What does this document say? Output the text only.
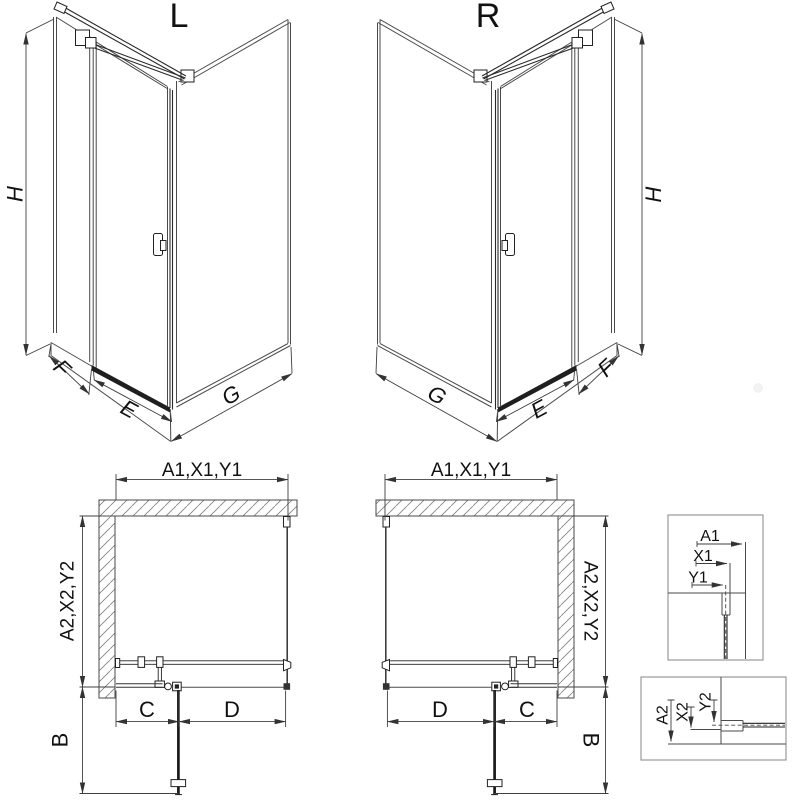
L	R
H	H
F
E	G	G	E
F
A1,X1,Y1	A1,X1,Y1
A2,X2,Y2	A2,X2,Y2
C	D	D	C
B	B
A1
X1
Y1
A2 X2
Y2
